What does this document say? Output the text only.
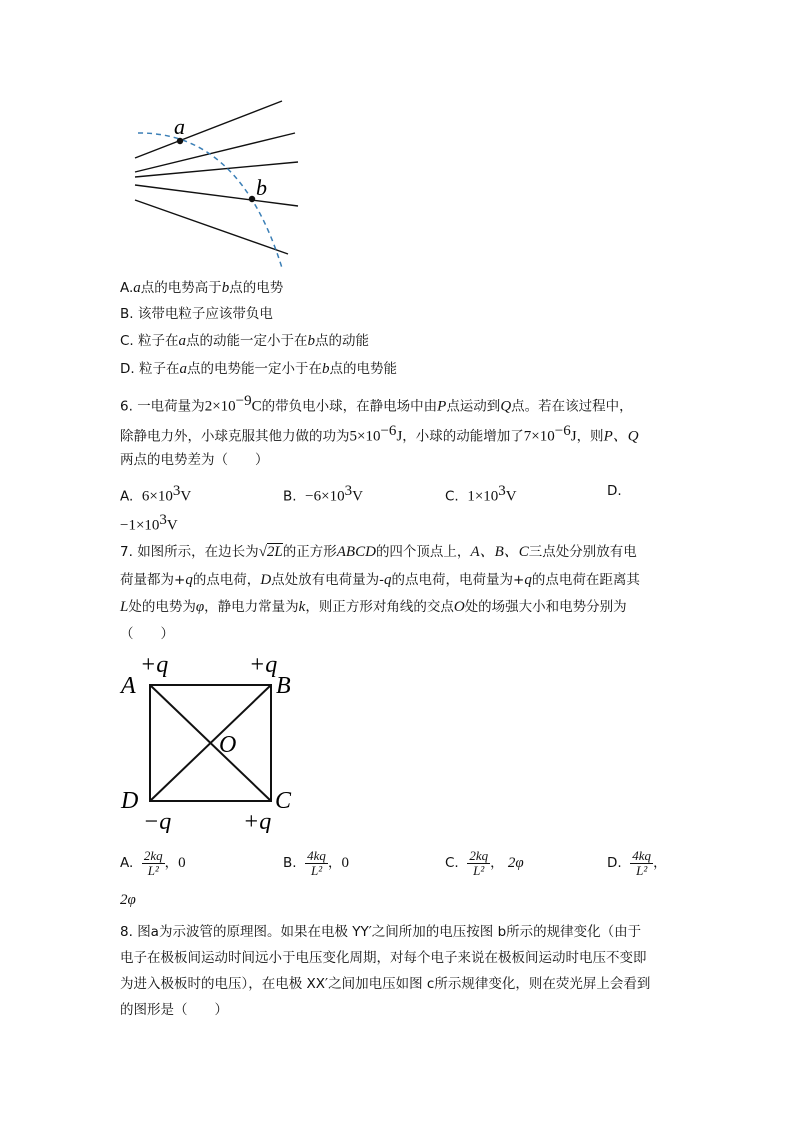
a
b
A.a点的电势高于b点的电势
B. 该带电粒子应该带负电
C. 粒子在a点的动能一定小于在b点的动能
D. 粒子在a点的电势能一定小于在b点的电势能
6. 一电荷量为$2\times 10^{-9}C$的带负电小球，在静电场中由P点运动到Q点。若在该过程中，
除静电力外，小球克服其他力做的功为$5\times 10^{-6}J$，小球的动能增加了$7\times 10^{-6}J$，则P、Q
两点的电势差为（　　）
A. $6\times 10^3V$	B. $-6\times 10^3V$	C. $1\times 10^3V$	D.
$-1\times 10^3V$
7. 如图所示，在边长为√2L的正方形ABCD的四个顶点上，A、B、C三点处分别放有电
荷量都为+q的点电荷，D点处放有电荷量为-q的点电荷，电荷量为+q的点电荷在距离其
L处的电势为φ，静电力常量为k，则正方形对角线的交点O处的场强大小和电势分别为
（　　）
+q	+q
A	B
O
D	C
−q	+q
A. $\frac{2kq}{\text{L²}}$ ，0	B. $\frac{4kq}{\text{L²}}$ ，0	C. $\frac{2kq}{\text{L²}}$ ， 2φ	D. $\frac{4kq}{\text{L²}}$ ，
2φ
8. 图a为示波管的原理图。如果在电极 YY′之间所加的电压按图 b所示的规律变化（由于
电子在极板间运动时间远小于电压变化周期，对每个电子来说在极板间运动时电压不变即
为进入极板时的电压），在电极 XX′之间加电压如图 c所示规律变化，则在荧光屏上会看到
的图形是（　　）
